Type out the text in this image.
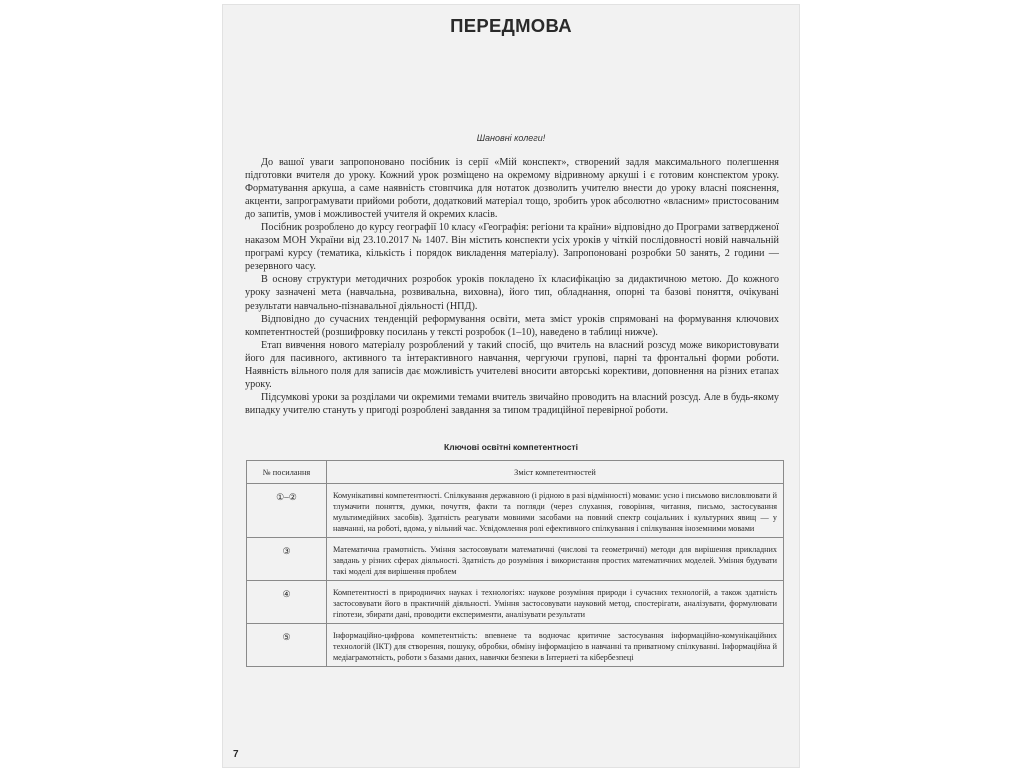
ПЕРЕДМОВА
Шановні колеги!

До вашої уваги запропоновано посібник із серії «Мій конспект», створений задля максимального полегшення підготовки вчителя до уроку. Кожний урок розміщено на окремому відривному аркуші і є готовим конспектом уроку. Форматування аркуша, а саме наявність стовпчика для нотаток дозволить учителю внести до уроку власні пояснення, акценти, запрограмувати прийоми роботи, додатковий матеріал тощо, зробить урок абсолютно «власним» пристосованим до запитів, умов і можливостей учителя й окремих класів.

Посібник розроблено до курсу географії 10 класу «Географія: регіони та країни» відповідно до Програми затвердженої наказом МОН України від 23.10.2017 № 1407. Він містить конспекти усіх уроків у чіткій послідовності новій навчальній програмі курсу (тематика, кількість і порядок викладення матеріалу). Запропоновані розробки 50 занять, 2 години — резервного часу.

В основу структури методичних розробок уроків покладено їх класифікацію за дидактичною метою. До кожного уроку зазначені мета (навчальна, розвивальна, виховна), його тип, обладнання, опорні та базові поняття, очікувані результати навчально-пізнавальної діяльності (НПД).

Відповідно до сучасних тенденцій реформування освіти, мета зміст уроків спрямовані на формування ключових компетентностей (розшифровку посилань у тексті розробок (1–10), наведено в таблиці нижче).

Етап вивчення нового матеріалу розроблений у такий спосіб, що вчитель на власний розсуд може використовувати його для пасивного, активного та інтерактивного навчання, чергуючи групові, парні та фронтальні форми роботи. Наявність вільного поля для записів дає можливість учителеві вносити авторські корективи, доповнення на різних етапах уроку.

Підсумкові уроки за розділами чи окремими темами вчитель звичайно проводить на власний розсуд. Але в будь-якому випадку учителю стануть у пригоді розроблені завдання за типом традиційної перевірної роботи.

Ключові освітні компетентності
№ посилання	Зміст компетентностей
①–②	Комунікативні компетентності. Спілкування державною (і рідною в разі відмінності) мовами: усно і письмово висловлювати й тлумачити поняття, думки, почуття, факти та погляди (через слухання, говоріння, читання, письмо, застосування мультимедійних засобів). Здатність реагувати мовними засобами на повний спектр соціальних і культурних явищ — у навчанні, на роботі, вдома, у вільний час. Усвідомлення ролі ефективного спілкування і спілкування іноземними мовами
③	Математична грамотність. Уміння застосовувати математичні (числові та геометричні) методи для вирішення прикладних завдань у різних сферах діяльності. Здатність до розуміння і використання простих математичних моделей. Уміння будувати такі моделі для вирішення проблем
④	Компетентності в природничих науках і технологіях: наукове розуміння природи і сучасних технологій, а також здатність застосовувати його в практичній діяльності. Уміння застосовувати науковий метод, спостерігати, аналізувати, формулювати гіпотези, збирати дані, проводити експерименти, аналізувати результати
⑤	Інформаційно-цифрова компетентність: впевнене та водночас критичне застосування інформаційно-комунікаційних технологій (ІКТ) для створення, пошуку, обробки, обміну інформацією в навчанні та приватному спілкуванні. Інформаційна й медіаграмотність, роботи з базами даних, навички безпеки в Інтернеті та кібербезпеці
7
